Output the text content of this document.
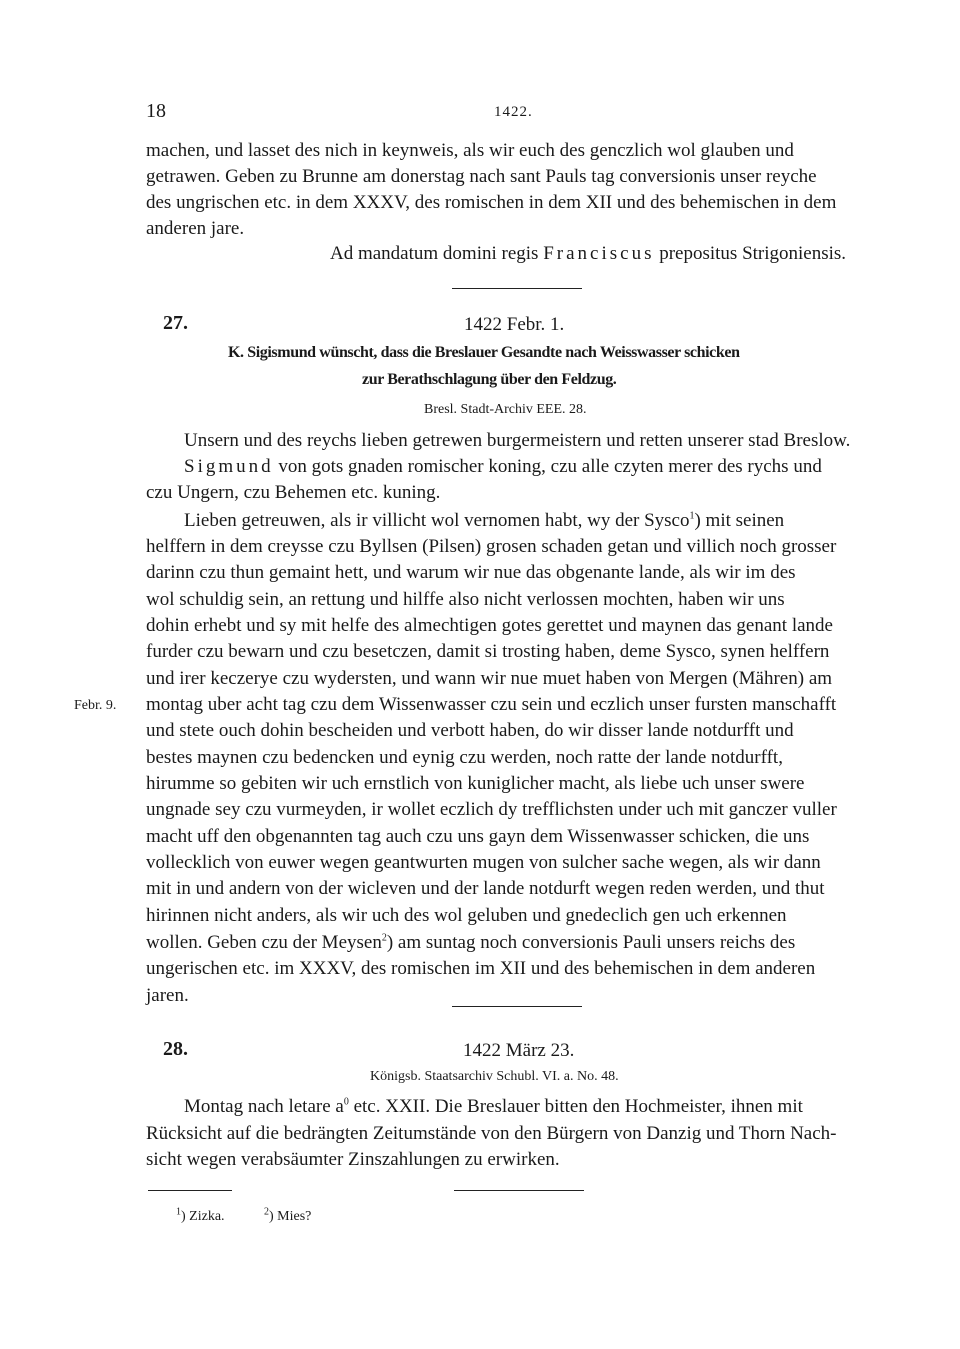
18	1422.
machen, und lasset des nich in keynweis, als wir euch des genczlich wol glauben und
getrawen. Geben zu Brunne am donerstag nach sant Pauls tag conversionis unser reyche
des ungrischen etc. in dem XXXV, des romischen in dem XII und des behemischen in dem
anderen jare.
Ad mandatum domini regis Franciscus prepositus Strigoniensis.
27.	1422 Febr. 1.
K. Sigismund wünscht, dass die Breslauer Gesandte nach Weisswasser schicken
zur Berathschlagung über den Feldzug.
Bresl. Stadt-Archiv EEE. 28.
Unsern und des reychs lieben getrewen burgermeistern und retten unserer stad Breslow.
Sigmund von gots gnaden romischer koning, czu alle czyten merer des rychs und
czu Ungern, czu Behemen etc. kuning.
Lieben getreuwen, als ir villicht wol vernomen habt, wy der Sysco$^1$) mit seinen
helffern in dem creysse czu Byllsen (Pilsen) grosen schaden getan und villich noch grosser
darinn czu thun gemaint hett, und warum wir nue das obgenante lande, als wir im des
wol schuldig sein, an rettung und hilffe also nicht verlossen mochten, haben wir uns
dohin erhebt und sy mit helfe des almechtigen gotes gerettet und maynen das genant lande
furder czu bewarn und czu besetczen, damit si trosting haben, deme Sysco, synen helffern
und irer keczerye czu wydersten, und wann wir nue muet haben von Mergen (Mähren) am
montag uber acht tag czu dem Wissenwasser czu sein und eczlich unser fursten manschafft
Febr. 9.
und stete ouch dohin bescheiden und verbott haben, do wir disser lande notdurfft und
bestes maynen czu bedencken und eynig czu werden, noch ratte der lande notdurfft,
hirumme so gebiten wir uch ernstlich von kuniglicher macht, als liebe uch unser swere
ungnade sey czu vurmeyden, ir wollet eczlich dy trefflichsten under uch mit ganczer vuller
macht uff den obgenannten tag auch czu uns gayn dem Wissenwasser schicken, die uns
vollecklich von euwer wegen geantwurten mugen von sulcher sache wegen, als wir dann
mit in und andern von der wicleven und der lande notdurft wegen reden werden, und thut
hirinnen nicht anders, als wir uch des wol geluben und gnedeclich gen uch erkennen
wollen. Geben czu der Meysen$^2$) am suntag noch conversionis Pauli unsers reichs des
ungerischen etc. im XXXV, des romischen im XII und des behemischen in dem anderen
jaren.
28.	1422 März 23.
Königsb. Staatsarchiv Schubl. VI. a. No. 48.
Montag nach letare $a^0$ etc. XXII. Die Breslauer bitten den Hochmeister, ihnen mit
Rücksicht auf die bedrängten Zeitumstände von den Bürgern von Danzig und Thorn Nach-
sicht wegen verabsäumter Zinszahlungen zu erwirken.
$^1$) Zizka.	$^2$) Mies?
